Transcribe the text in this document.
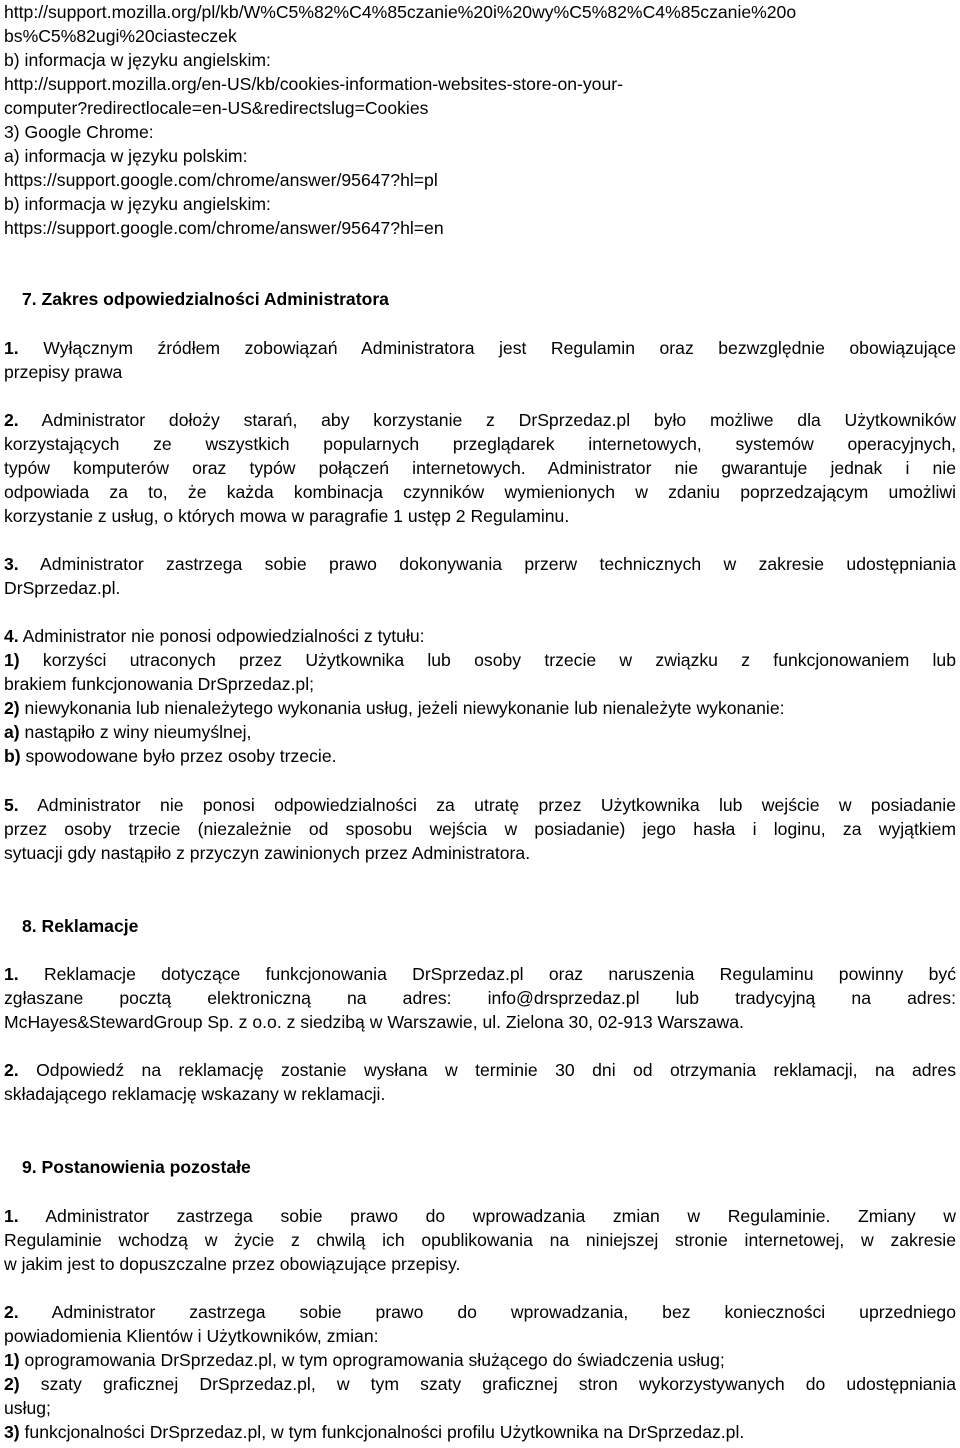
http://support.mozilla.org/pl/kb/W%C5%82%C4%85czanie%20i%20wy%C5%82%C4%85czanie%20o
bs%C5%82ugi%20ciasteczek
b) informacja w języku angielskim:
http://support.mozilla.org/en-US/kb/cookies-information-websites-store-on-your-
computer?redirectlocale=en-US&redirectslug=Cookies
3) Google Chrome:
a) informacja w języku polskim:
https://support.google.com/chrome/answer/95647?hl=pl
b) informacja w języku angielskim:
https://support.google.com/chrome/answer/95647?hl=en
7. Zakres odpowiedzialności Administratora
1. Wyłącznym źródłem zobowiązań Administratora jest Regulamin oraz bezwzględnie obowiązujące
przepisy prawa
2. Administrator dołoży starań, aby korzystanie z DrSprzedaz.pl było możliwe dla Użytkowników
korzystających ze wszystkich popularnych przeglądarek internetowych, systemów operacyjnych,
typów komputerów oraz typów połączeń internetowych. Administrator nie gwarantuje jednak i nie
odpowiada za to, że każda kombinacja czynników wymienionych w zdaniu poprzedzającym umożliwi
korzystanie z usług, o których mowa w paragrafie 1 ustęp 2 Regulaminu.
3. Administrator zastrzega sobie prawo dokonywania przerw technicznych w zakresie udostępniania
DrSprzedaz.pl.
4. Administrator nie ponosi odpowiedzialności z tytułu:
1) korzyści utraconych przez Użytkownika lub osoby trzecie w związku z funkcjonowaniem lub
brakiem funkcjonowania DrSprzedaz.pl;
2) niewykonania lub nienależytego wykonania usług, jeżeli niewykonanie lub nienależyte wykonanie:
a) nastąpiło z winy nieumyślnej,
b) spowodowane było przez osoby trzecie.
5. Administrator nie ponosi odpowiedzialności za utratę przez Użytkownika lub wejście w posiadanie
przez osoby trzecie (niezależnie od sposobu wejścia w posiadanie) jego hasła i loginu, za wyjątkiem
sytuacji gdy nastąpiło z przyczyn zawinionych przez Administratora.
8. Reklamacje
1. Reklamacje dotyczące funkcjonowania DrSprzedaz.pl oraz naruszenia Regulaminu powinny być
zgłaszane pocztą elektroniczną na adres: info@drsprzedaz.pl lub tradycyjną na adres:
McHayes&StewardGroup Sp. z o.o. z siedzibą w Warszawie, ul. Zielona 30, 02-913 Warszawa.
2. Odpowiedź na reklamację zostanie wysłana w terminie 30 dni od otrzymania reklamacji, na adres
składającego reklamację wskazany w reklamacji.
9. Postanowienia pozostałe
1. Administrator zastrzega sobie prawo do wprowadzania zmian w Regulaminie. Zmiany w
Regulaminie wchodzą w życie z chwilą ich opublikowania na niniejszej stronie internetowej, w zakresie
w jakim jest to dopuszczalne przez obowiązujące przepisy.
2. Administrator zastrzega sobie prawo do wprowadzania, bez konieczności uprzedniego
powiadomienia Klientów i Użytkowników, zmian:
1) oprogramowania DrSprzedaz.pl, w tym oprogramowania służącego do świadczenia usług;
2) szaty graficznej DrSprzedaz.pl, w tym szaty graficznej stron wykorzystywanych do udostępniania
usług;
3) funkcjonalności DrSprzedaz.pl, w tym funkcjonalności profilu Użytkownika na DrSprzedaz.pl.
